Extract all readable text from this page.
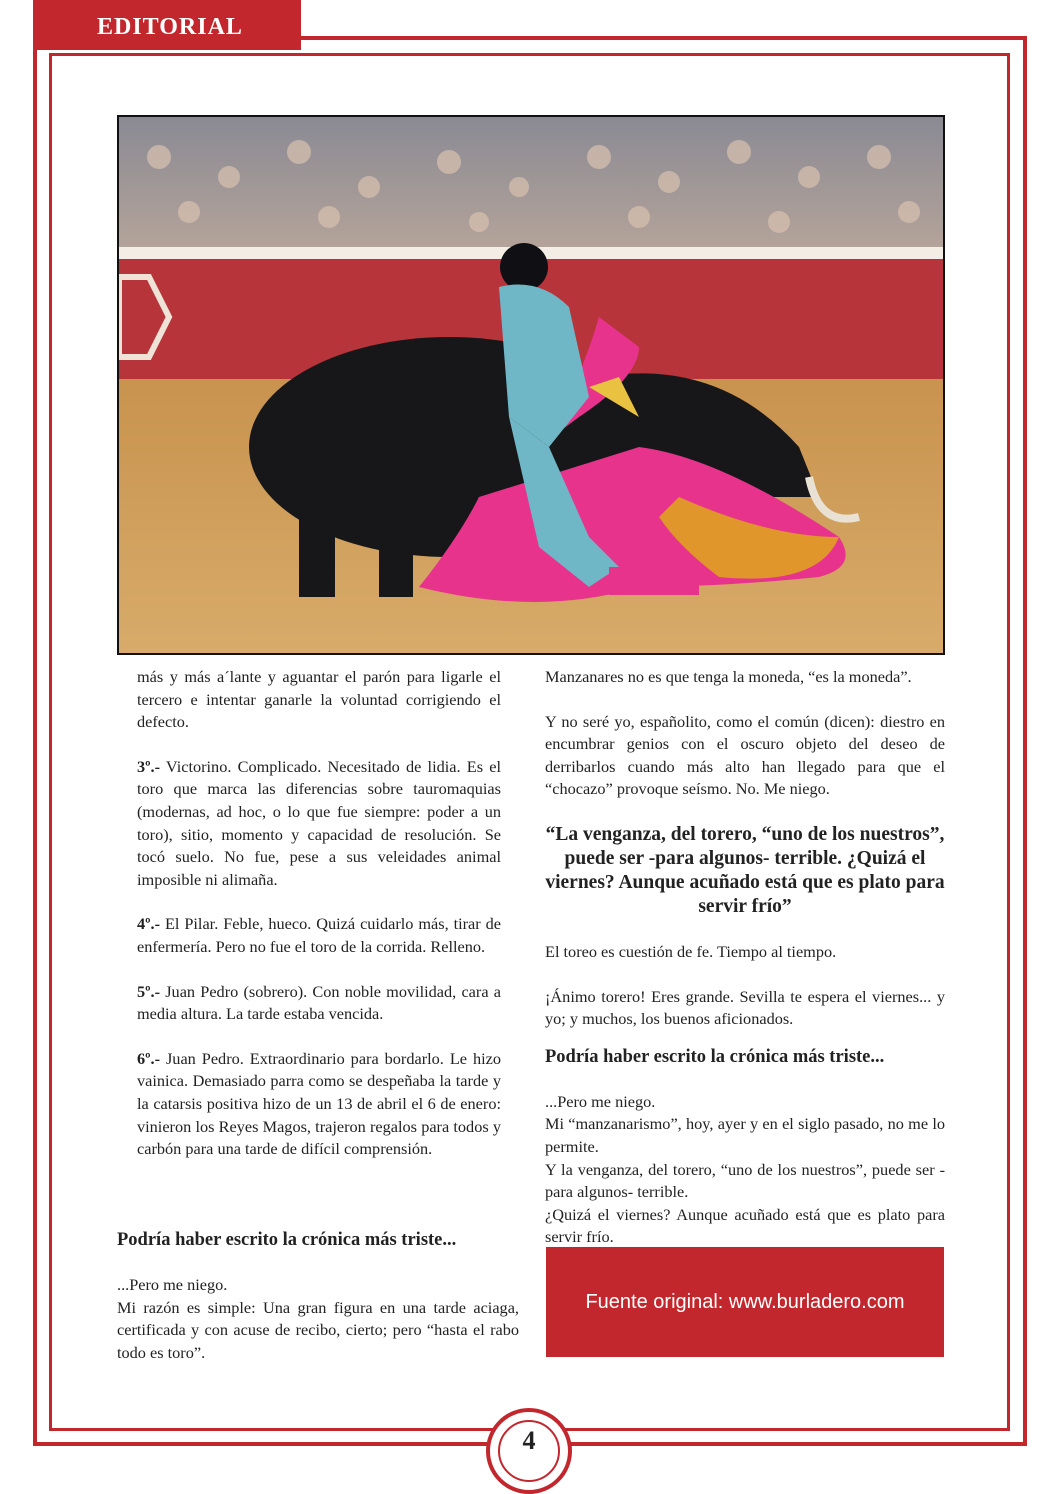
EDITORIAL

más y más a´lante y aguantar el parón para ligarle el tercero e intentar ganarle la voluntad corrigiendo el defecto.

3º.- Victorino. Complicado. Necesitado de lidia. Es el toro que marca las diferencias sobre tauromaquias (modernas, ad hoc, o lo que fue siempre: poder a un toro), sitio, momento y capacidad de resolución. Se tocó suelo. No fue, pese a sus veleidades animal imposible ni alimaña.

4º.- El Pilar. Feble, hueco. Quizá cuidarlo más, tirar de enfermería. Pero no fue el toro de la corrida. Relleno.

5º.- Juan Pedro (sobrero). Con noble movilidad, cara a media altura. La tarde estaba vencida.

6º.- Juan Pedro. Extraordinario para bordarlo. Le hizo vainica. Demasiado parra como se despeñaba la tarde y la catarsis positiva hizo de un 13 de abril el 6 de enero: vinieron los Reyes Magos, trajeron regalos para todos y carbón para una tarde de difícil comprensión.

Podría haber escrito la crónica más triste...

...Pero me niego.

Mi razón es simple: Una gran figura en una tarde aciaga, certificada y con acuse de recibo, cierto; pero “hasta el rabo todo es toro”.

Manzanares no es que tenga la moneda, “es la moneda”.

Y no seré yo, españolito, como el común (dicen): diestro en encumbrar genios con el oscuro objeto del deseo de derribarlos cuando más alto han llegado para que el “chocazo” provoque seísmo. No. Me niego.

“La venganza, del torero, “uno de los nuestros”, puede ser -para algunos- terrible. ¿Quizá el viernes? Aunque acuñado está que es plato para servir frío”

El toreo es cuestión de fe. Tiempo al tiempo.

¡Ánimo torero! Eres grande. Sevilla te espera el viernes... y yo; y muchos, los buenos aficionados.

Podría haber escrito la crónica más triste...

...Pero me niego.

Mi “manzanarismo”, hoy, ayer y en el siglo pasado, no me lo permite.

Y la venganza, del torero, “uno de los nuestros”, puede ser -para algunos- terrible.

¿Quizá el viernes? Aunque acuñado está que es plato para servir frío.

Fuente original: www.burladero.com
4
